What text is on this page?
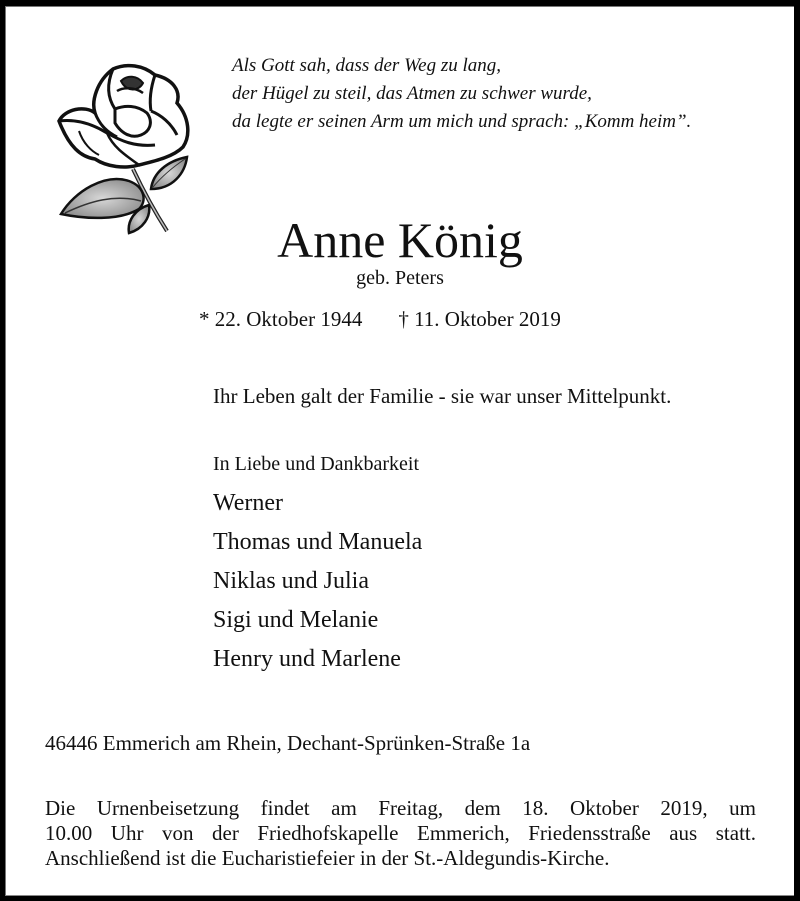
Als Gott sah, dass der Weg zu lang,
der Hügel zu steil, das Atmen zu schwer wurde,
da legte er seinen Arm um mich und sprach: „Komm heim”.
Anne König
geb. Peters
* 22. Oktober 1944 † 11. Oktober 2019
Ihr Leben galt der Familie - sie war unser Mittelpunkt.
In Liebe und Dankbarkeit
Werner
Thomas und Manuela
Niklas und Julia
Sigi und Melanie
Henry und Marlene
46446 Emmerich am Rhein, Dechant-Sprünken-Straße 1a
Die Urnenbeisetzung findet am Freitag, dem 18. Oktober 2019, um
10.00 Uhr von der Friedhofskapelle Emmerich, Friedensstraße aus statt.
Anschließend ist die Eucharistiefeier in der St.-Aldegundis-Kirche.
